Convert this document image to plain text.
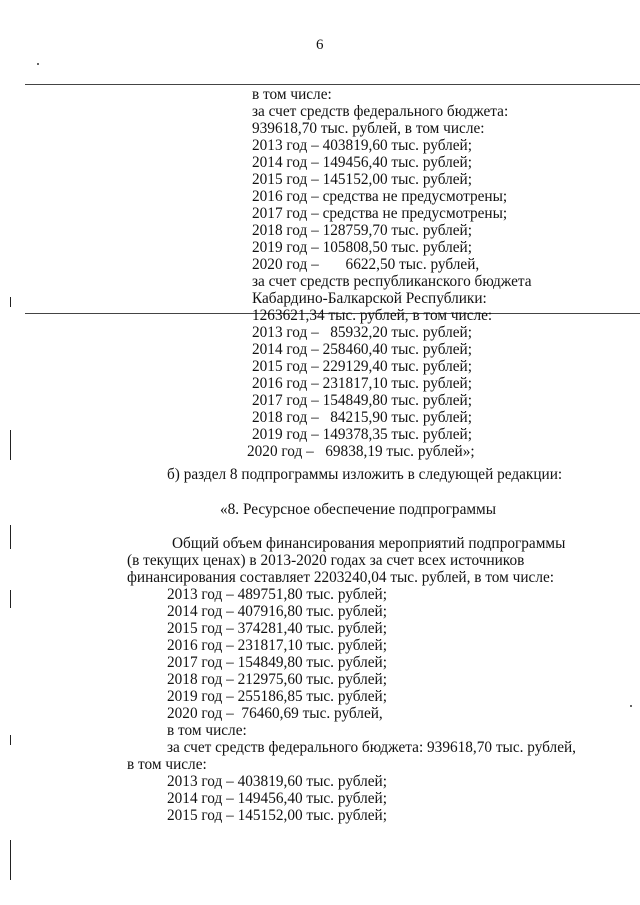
6

в том числе:

за счет средств федерального бюджета:

939618,70 тыс. рублей, в том числе:

2013 год – 403819,60 тыс. рублей;

2014 год – 149456,40 тыс. рублей;

2015 год – 145152,00 тыс. рублей;

2016 год – средства не предусмотрены;

2017 год – средства не предусмотрены;

2018 год – 128759,70 тыс. рублей;

2019 год – 105808,50 тыс. рублей;

2020 год –       6622,50 тыс. рублей,

за счет средств республиканского бюджета

Кабардино-Балкарской Республики:

1263621,34 тыс. рублей, в том числе:

2013 год –   85932,20 тыс. рублей;

2014 год – 258460,40 тыс. рублей;

2015 год – 229129,40 тыс. рублей;

2016 год – 231817,10 тыс. рублей;

2017 год – 154849,80 тыс. рублей;

2018 год –   84215,90 тыс. рублей;

2019 год – 149378,35 тыс. рублей;

2020 год –   69838,19 тыс. рублей»;

б) раздел 8 подпрограммы изложить в следующей редакции:

«8. Ресурсное обеспечение подпрограммы

Общий объем финансирования мероприятий подпрограммы

(в текущих ценах) в 2013-2020 годах за счет всех источников

финансирования составляет 2203240,04 тыс. рублей, в том числе:

2013 год – 489751,80 тыс. рублей;

2014 год – 407916,80 тыс. рублей;

2015 год – 374281,40 тыс. рублей;

2016 год – 231817,10 тыс. рублей;

2017 год – 154849,80 тыс. рублей;

2018 год – 212975,60 тыс. рублей;

2019 год – 255186,85 тыс. рублей;

2020 год –  76460,69 тыс. рублей,

в том числе:

за счет средств федерального бюджета: 939618,70 тыс. рублей,

в том числе:

2013 год – 403819,60 тыс. рублей;

2014 год – 149456,40 тыс. рублей;

2015 год – 145152,00 тыс. рублей;
